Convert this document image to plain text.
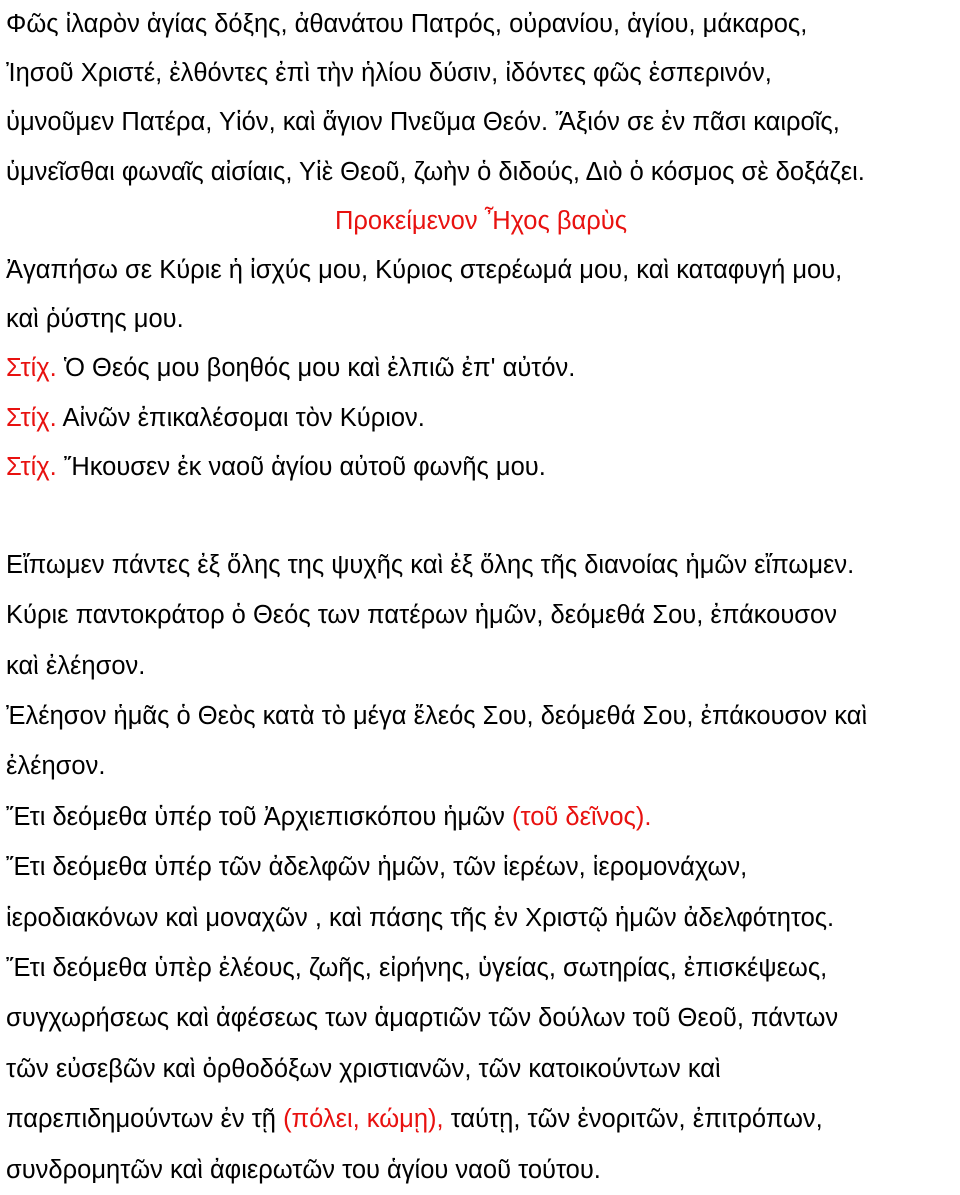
Φῶς ἱλαρὸν ἁγίας δόξης, ἀθανάτου Πατρός, οὐρανίου, ἁγίου, μάκαρος,
Ἰησοῦ Χριστέ, ἐλθόντες ἐπὶ τὴν ἡλίου δύσιν, ἰδόντες φῶς ἑσπερινόν,
ὑμνοῦμεν Πατέρα, Υἱόν, καὶ ἅγιον Πνεῦμα Θεόν. Ἄξιόν σε ἐν πᾶσι καιροῖς,
ὑμνεῖσθαι φωναῖς αἰσίαις, Υἱὲ Θεοῦ, ζωὴν ὁ διδούς, Διὸ ὁ κόσμος σὲ δοξάζει.
Προκείμενον Ἦχος βαρὺς
Ἀγαπήσω σε Κύριε ἡ ἰσχύς μου, Κύριος στερέωμά μου, καὶ καταφυγή μου,
καὶ ῥύστης μου.
Στίχ. Ὁ Θεός μου βοηθός μου καὶ ἐλπιῶ ἐπ' αὐτόν.
Στίχ. Αἰνῶν ἐπικαλέσομαι τὸν Κύριον.
Στίχ. Ἤκουσεν ἐκ ναοῦ ἁγίου αὐτοῦ φωνῆς μου.
Εἴπωμεν πάντες ἐξ ὅλης της ψυχῆς καὶ ἐξ ὅλης τῆς διανοίας ἡμῶν εἴπωμεν.
Κύριε παντοκράτορ ὁ Θεός των πατέρων ἡμῶν, δεόμεθά Σου, ἐπάκουσον
καὶ ἐλέησον.
Ἐλέησον ἡμᾶς ὁ Θεὸς κατὰ τὸ μέγα ἔλεός Σου, δεόμεθά Σου, ἐπάκουσον καὶ
ἐλέησον.
Ἔτι δεόμεθα ὑπέρ τοῦ Ἀρχιεπισκόπου ἡμῶν (τοῦ δεῖνος).
Ἔτι δεόμεθα ὑπέρ τῶν ἀδελφῶν ἡμῶν, τῶν ἱερέων, ἱερομονάχων,
ἱεροδιακόνων καὶ μοναχῶν , καὶ πάσης τῆς ἐν Χριστῷ ἡμῶν ἀδελφότητος.
Ἔτι δεόμεθα ὑπὲρ ἐλέους, ζωῆς, εἰρήνης, ὑγείας, σωτηρίας, ἐπισκέψεως,
συγχωρήσεως καὶ ἀφέσεως των ἁμαρτιῶν τῶν δούλων τοῦ Θεοῦ, πάντων
τῶν εὐσεβῶν καὶ ὀρθοδόξων χριστιανῶν, τῶν κατοικούντων καὶ
παρεπιδημούντων ἐν τῇ (πόλει, κώμῃ), ταύτῃ, τῶν ἐνοριτῶν, ἐπιτρόπων,
συνδρομητῶν καὶ ἀφιερωτῶν του ἁγίου ναοῦ τούτου.
